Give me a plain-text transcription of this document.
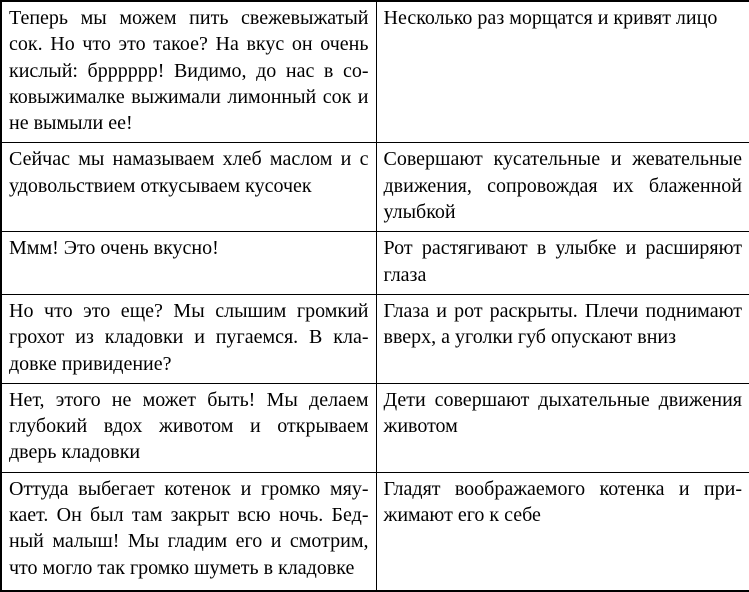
Теперь мы можем пить свежевыжатый сок. Но что это такое? На вкус он очень кислый: брррррр! Видимо, до нас в соковыжималке выжимали лимонный сок и не вымыли ее!	Несколько раз морщатся и кривят лицо
Сейчас мы намазываем хлеб маслом и с удовольствием откусываем кусочек	Совершают кусательные и жевательные движения, сопровождая их блаженной улыбкой
Ммм! Это очень вкусно!	Рот растягивают в улыбке и расширяют глаза
Но что это еще? Мы слышим громкий грохот из кладовки и пугаемся. В кладовке привидение?	Глаза и рот раскрыты. Плечи поднимают вверх, а уголки губ опускают вниз
Нет, этого не может быть! Мы делаем глубокий вдох животом и открываем дверь кладовки	Дети совершают дыхательные движения животом
Оттуда выбегает котенок и громко мяукает. Он был там закрыт всю ночь. Бедный малыш! Мы гладим его и смотрим, что могло так громко шуметь в кладовке	Гладят воображаемого котенка и прижимают его к себе
